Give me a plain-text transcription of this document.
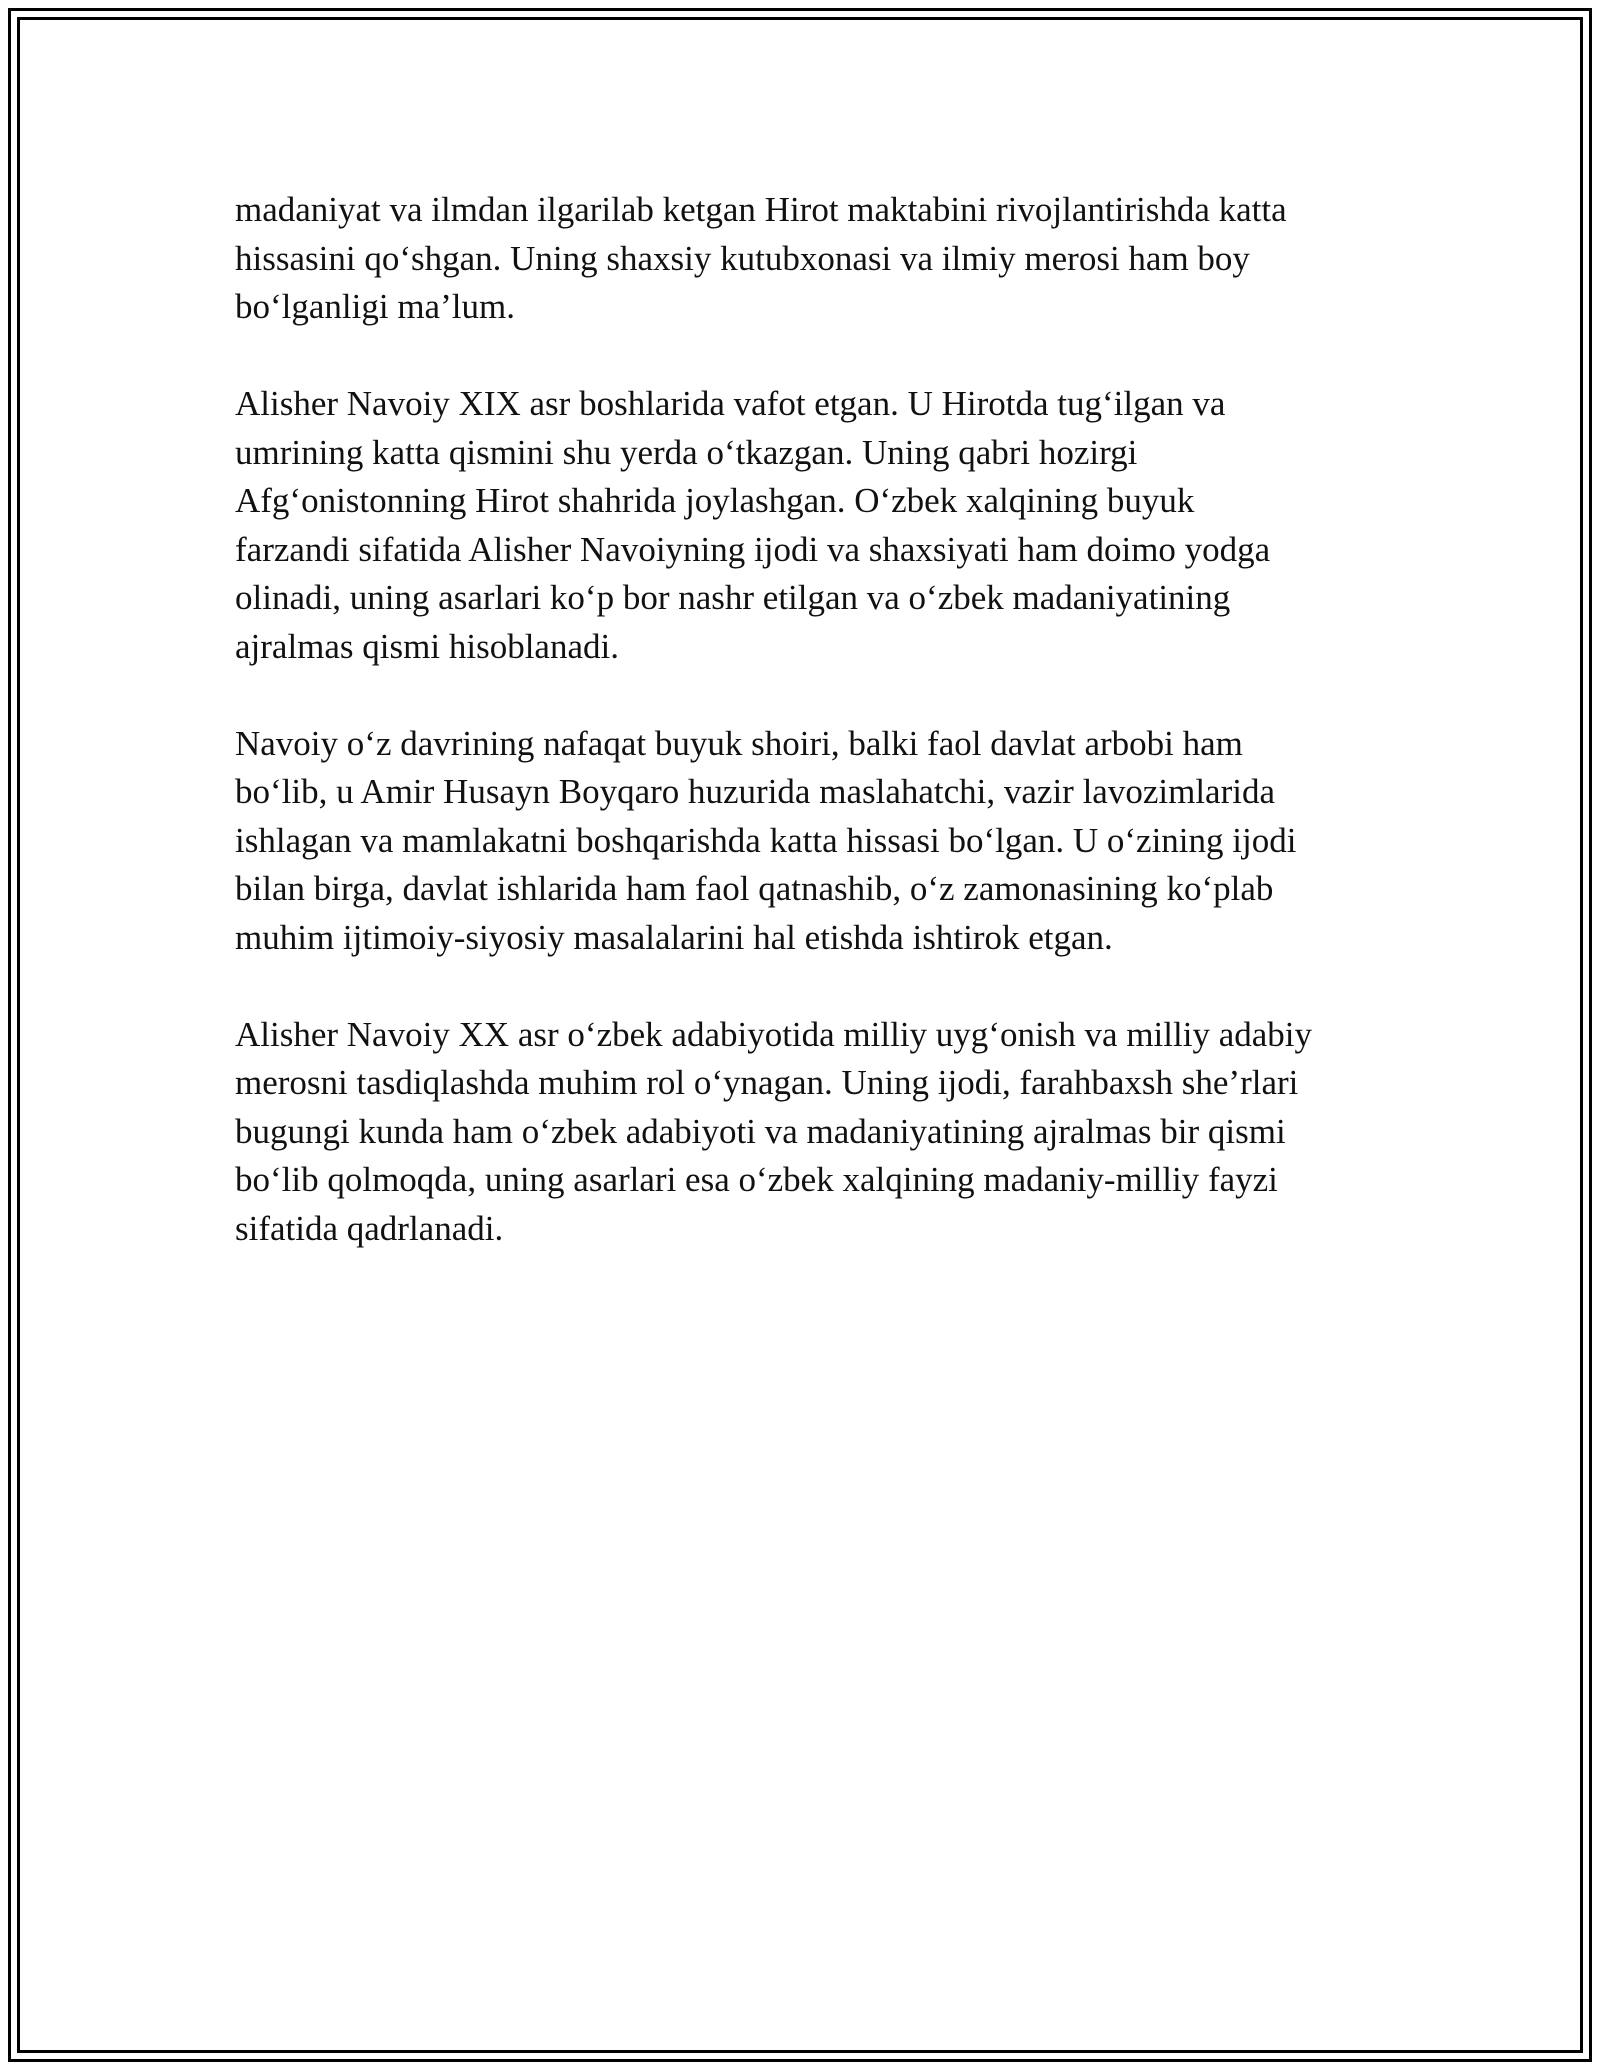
madaniyat va ilmdan ilgarilab ketgan Hirot maktabini rivojlantirishda katta
hissasini qo‘shgan. Uning shaxsiy kutubxonasi va ilmiy merosi ham boy
bo‘lganligi ma’lum.

Alisher Navoiy XIX asr boshlarida vafot etgan. U Hirotda tug‘ilgan va
umrining katta qismini shu yerda o‘tkazgan. Uning qabri hozirgi
Afg‘onistonning Hirot shahrida joylashgan. O‘zbek xalqining buyuk
farzandi sifatida Alisher Navoiyning ijodi va shaxsiyati ham doimo yodga
olinadi, uning asarlari ko‘p bor nashr etilgan va o‘zbek madaniyatining
ajralmas qismi hisoblanadi.

Navoiy o‘z davrining nafaqat buyuk shoiri, balki faol davlat arbobi ham
bo‘lib, u Amir Husayn Boyqaro huzurida maslahatchi, vazir lavozimlarida
ishlagan va mamlakatni boshqarishda katta hissasi bo‘lgan. U o‘zining ijodi
bilan birga, davlat ishlarida ham faol qatnashib, o‘z zamonasining ko‘plab
muhim ijtimoiy-siyosiy masalalarini hal etishda ishtirok etgan.

Alisher Navoiy XX asr o‘zbek adabiyotida milliy uyg‘onish va milliy adabiy
merosni tasdiqlashda muhim rol o‘ynagan. Uning ijodi, farahbaxsh she’rlari
bugungi kunda ham o‘zbek adabiyoti va madaniyatining ajralmas bir qismi
bo‘lib qolmoqda, uning asarlari esa o‘zbek xalqining madaniy-milliy fayzi
sifatida qadrlanadi.
